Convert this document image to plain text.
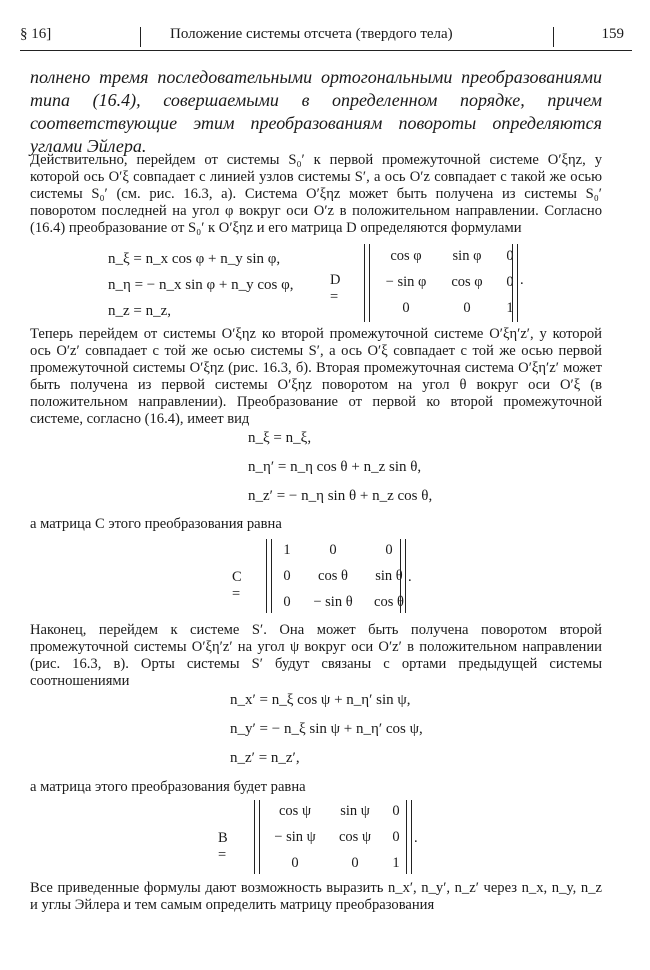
§ 16]	Положение системы отсчета (твердого тела)	159
полнено тремя последовательными ортогональными преобразованиями типа (16.4), совершаемыми в определенном порядке, причем соответствующие этим преобразованиям повороты определяются углами Эйлера.
Действительно, перейдем от системы S₀′ к первой промежуточной системе O′ξηz, у которой ось O′ξ совпадает с линией узлов системы S′, а ось O′z совпадает с такой же осью системы S₀′ (см. рис. 16.3, а). Система O′ξηz может быть получена из системы S₀′ поворотом последней на угол φ вокруг оси O′z в положительном направлении. Согласно (16.4) преобразование от S₀′ к O′ξηz и его матрица D определяются формулами
n_ξ = n_x cos φ + n_y sin φ,
n_η = − n_x sin φ + n_y cos φ,
n_z = n_z,
D =
cos φ	sin φ	0
− sin φ	cos φ	0
0	0	1
.
Теперь перейдем от системы O′ξηz ко второй промежуточной системе O′ξη′z′, у которой ось O′z′ совпадает с той же осью системы S′, а ось O′ξ совпадает с той же осью первой промежуточной системы O′ξηz (рис. 16.3, б). Вторая промежуточная система O′ξη′z′ может быть получена из первой системы O′ξηz поворотом на угол θ вокруг оси O′ξ (в положительном направлении). Преобразование от первой ко второй промежуточной системе, согласно (16.4), имеет вид
n_ξ = n_ξ,
n_η′ = n_η cos θ + n_z sin θ,
n_z′ = − n_η sin θ + n_z cos θ,
а матрица C этого преобразования равна
C =
1	0	0
0	cos θ	sin θ
0	− sin θ	cos θ
.
Наконец, перейдем к системе S′. Она может быть получена поворотом второй промежуточной системы O′ξη′z′ на угол ψ вокруг оси O′z′ в положительном направлении (рис. 16.3, в). Орты системы S′ будут связаны с ортами предыдущей системы соотношениями
n_x′ = n_ξ cos ψ + n_η′ sin ψ,
n_y′ = − n_ξ sin ψ + n_η′ cos ψ,
n_z′ = n_z′,
а матрица этого преобразования будет равна
B =
cos ψ	sin ψ	0
− sin ψ	cos ψ	0
0	0	1
.
Все приведенные формулы дают возможность выразить n_x′, n_y′, n_z′ через n_x, n_y, n_z и углы Эйлера и тем самым определить матрицу преобразования
